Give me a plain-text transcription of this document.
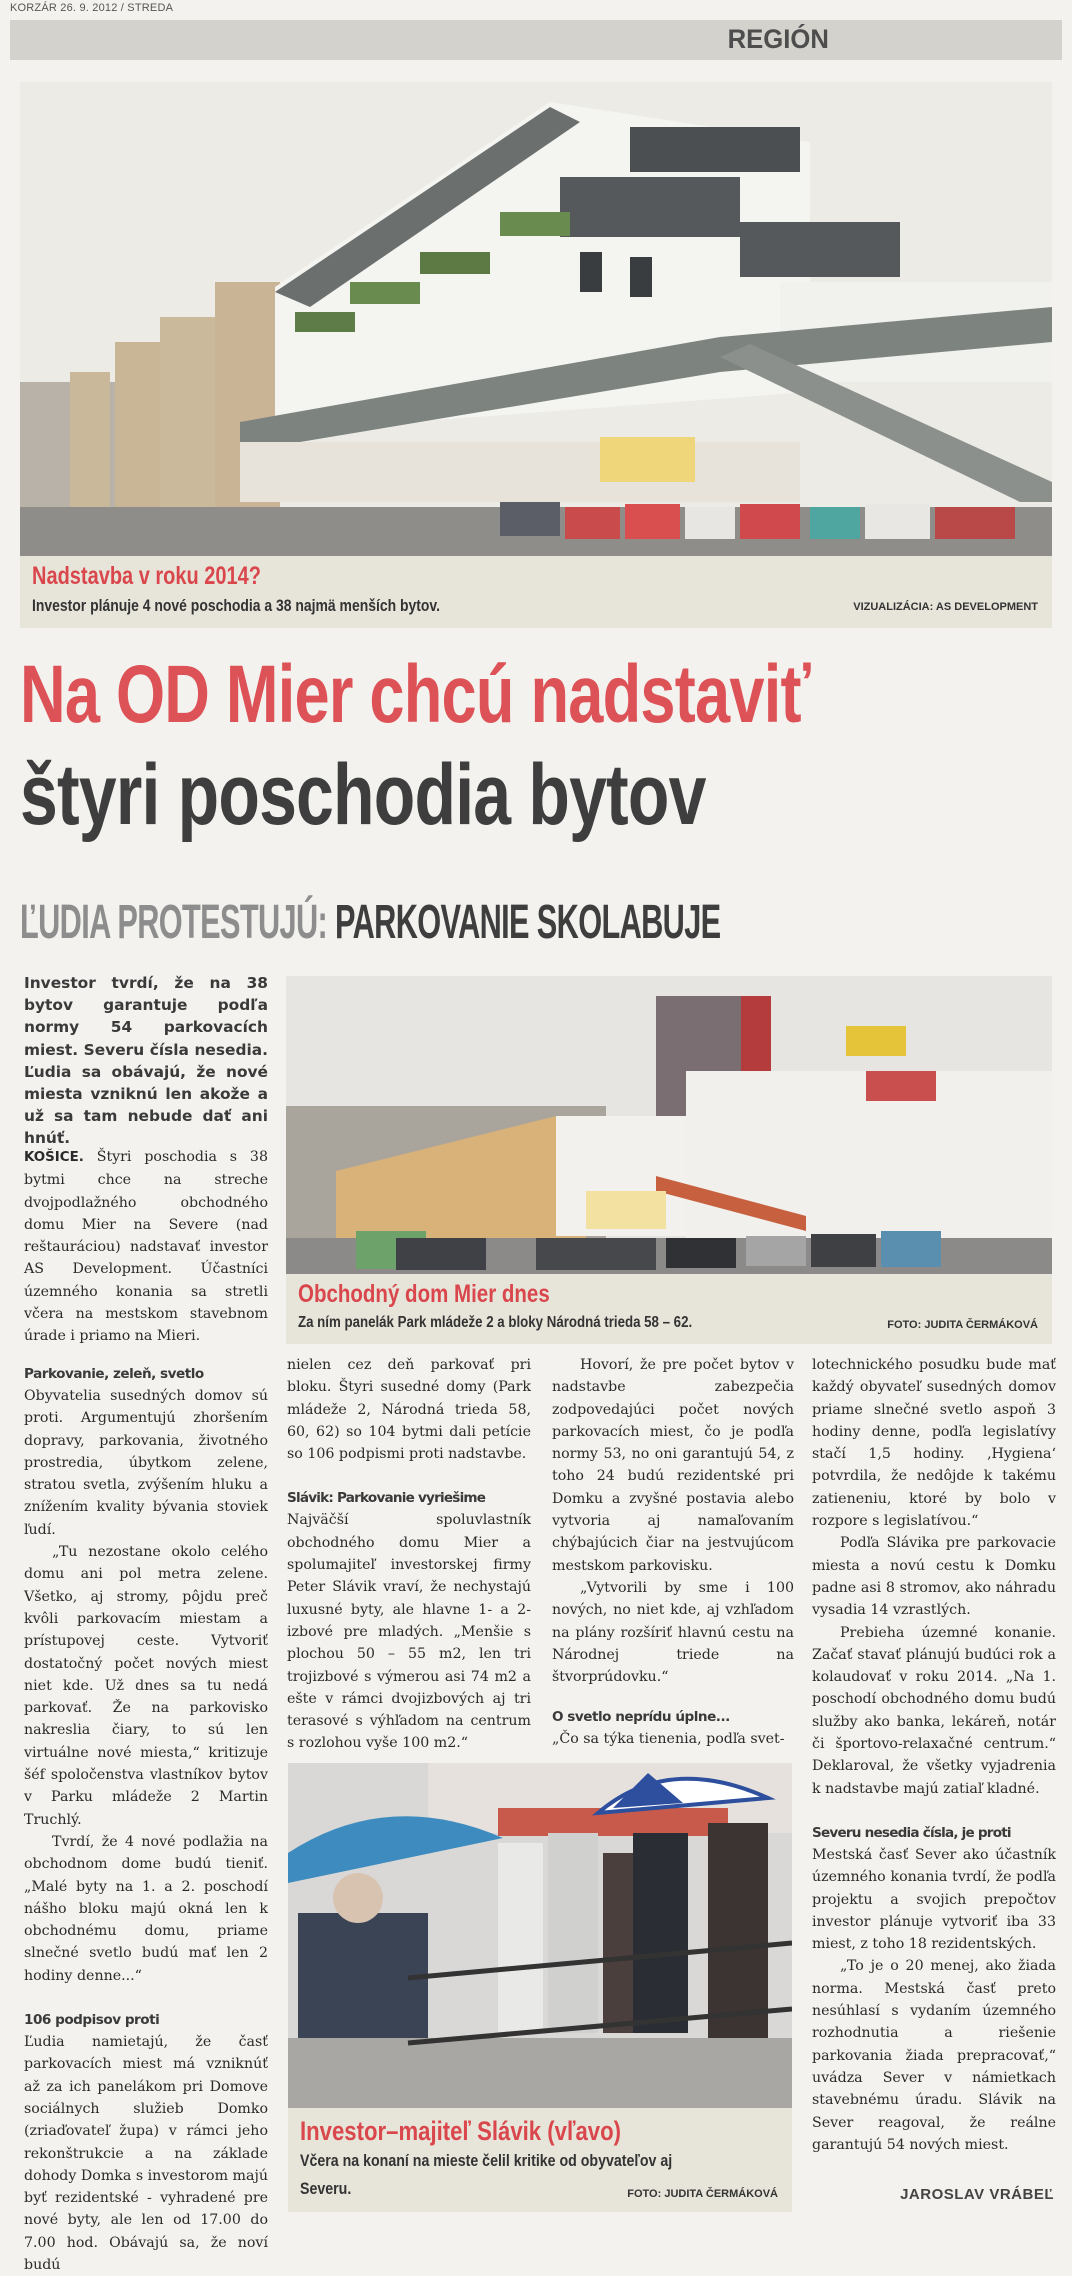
KORZÁR 26. 9. 2012 / STREDA
REGIÓN
Nadstavba v roku 2014?
Investor plánuje 4 nové poschodia a 38 najmä menších bytov.	VIZUALIZÁCIA: AS DEVELOPMENT
Na OD Mier chcú nadstaviť
štyri poschodia bytov
ĽUDIA PROTESTUJÚ: PARKOVANIE SKOLABUJE
Investor tvrdí, že na 38 bytov garantuje podľa normy 54 parkovacích miest. Severu čísla nesedia. Ľudia sa obávajú, že nové miesta vzniknú len akože a už sa tam nebude dať ani hnúť.

KOŠICE. Štyri poschodia s 38 bytmi chce na streche dvojpodlažného obchodného domu Mier na Severe (nad reštauráciou) nadstavať investor AS Development. Účastníci územného konania sa stretli včera na mestskom stavebnom úrade i priamo na Mieri.

Parkovanie, zeleň, svetlo

Obyvatelia susedných domov sú proti. Argumentujú zhoršením dopravy, parkovania, životného prostredia, úbytkom zelene, stratou svetla, zvýšením hluku a znížením kvality bývania stoviek ľudí.

„Tu nezostane okolo celého domu ani pol metra zelene. Všetko, aj stromy, pôjdu preč kvôli parkovacím miestam a prístupovej ceste. Vytvoriť dostatočný počet nových miest niet kde. Už dnes sa tu nedá parkovať. Že na parkovisko nakreslia čiary, to sú len virtuálne nové miesta,“ kritizuje šéf spoločenstva vlastníkov bytov v Parku mládeže 2 Martin Truchlý.

Tvrdí, že 4 nové podlažia na obchodnom dome budú tieniť. „Malé byty na 1. a 2. poschodí nášho bloku majú okná len k obchodnému domu, priame slnečné svetlo budú mať len 2 hodiny denne...“

106 podpisov proti

Ľudia namietajú, že časť parkovacích miest má vzniknúť až za ich panelákom pri Domove sociálnych služieb Domko (zriaďovateľ župa) v rámci jeho rekonštrukcie a na základe dohody Domka s investorom majú byť rezidentské - vyhradené pre nové byty, ale len od 17.00 do 7.00 hod. Obávajú sa, že noví budú

Obchodný dom Mier dnes
Za ním panelák Park mládeže 2 a bloky Národná trieda 58 – 62.	FOTO: JUDITA ČERMÁKOVÁ

nielen cez deň parkovať pri bloku. Štyri susedné domy (Park mládeže 2, Národná trieda 58, 60, 62) so 104 bytmi dali petície so 106 podpismi proti nadstavbe.

Slávik: Parkovanie vyriešime

Najväčší spoluvlastník obchodného domu Mier a spolumajiteľ investorskej firmy Peter Slávik vraví, že nechystajú luxusné byty, ale hlavne 1- a 2-izbové pre mladých. „Menšie s plochou 50 – 55 m2, len tri trojizbové s výmerou asi 74 m2 a ešte v rámci dvojizbových aj tri terasové s výhľadom na centrum s rozlohou vyše 100 m2.“

Hovorí, že pre počet bytov v nadstavbe zabezpečia zodpovedajúci počet nových parkovacích miest, čo je podľa normy 53, no oni garantujú 54, z toho 24 budú rezidentské pri Domku a zvyšné postavia alebo vytvoria aj namaľovaním chýbajúcich čiar na jestvujúcom mestskom parkovisku.

„Vytvorili by sme i 100 nových, no niet kde, aj vzhľadom na plány rozšíriť hlavnú cestu na Národnej triede na štvorprúdovku.“

O svetlo neprídu úplne...

„Čo sa týka tienenia, podľa svet-

lotechnického posudku bude mať každý obyvateľ susedných domov priame slnečné svetlo aspoň 3 hodiny denne, podľa legislatívy stačí 1,5 hodiny. ‚Hygiena‘ potvrdila, že nedôjde k takému zatieneniu, ktoré by bolo v rozpore s legislatívou.“

Podľa Slávika pre parkovacie miesta a novú cestu k Domku padne asi 8 stromov, ako náhradu vysadia 14 vzrastlých.

Prebieha územné konanie. Začať stavať plánujú budúci rok a kolaudovať v roku 2014. „Na 1. poschodí obchodného domu budú služby ako banka, lekáreň, notár či športovo-relaxačné centrum.“ Deklaroval, že všetky vyjadrenia k nadstavbe majú zatiaľ kladné.

Severu nesedia čísla, je proti

Mestská časť Sever ako účastník územného konania tvrdí, že podľa projektu a svojich prepočtov investor plánuje vytvoriť iba 33 miest, z toho 18 rezidentských.

„To je o 20 menej, ako žiada norma. Mestská časť preto nesúhlasí s vydaním územného rozhodnutia a riešenie parkovania žiada prepracovať,“ uvádza Sever v námietkach stavebnému úradu. Slávik na Sever reagoval, že reálne garantujú 54 nových miest.

Investor–majiteľ Slávik (vľavo)
Včera na konaní na mieste čelil kritike od obyvateľov aj
Severu.	FOTO: JUDITA ČERMÁKOVÁ	JAROSLAV VRÁBEĽ
